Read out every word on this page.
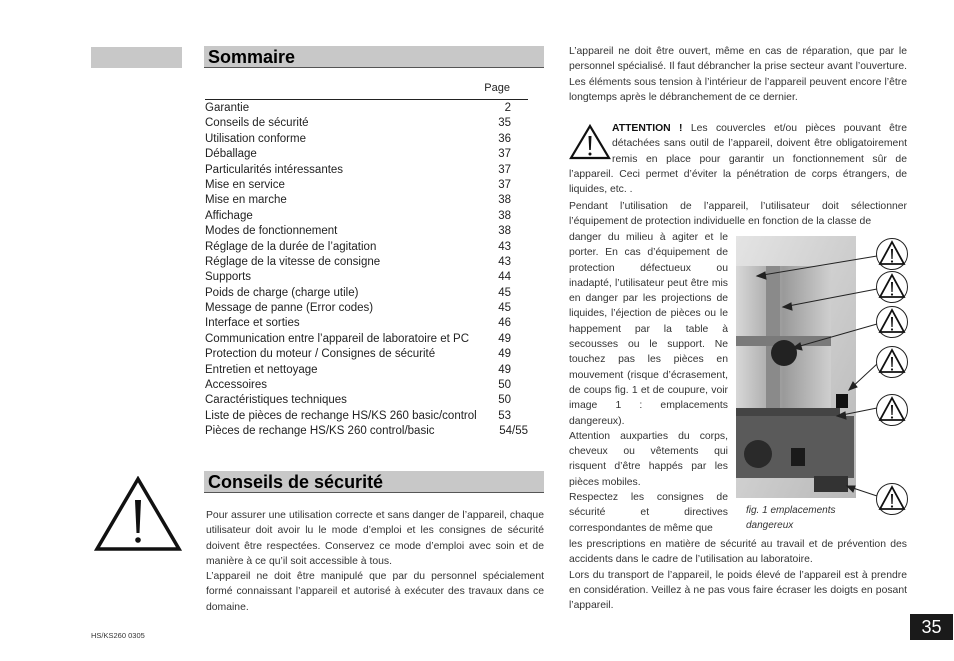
Sommaire
Page
Garantie	2
Conseils de sécurité	35
Utilisation conforme	36
Déballage	37
Particularités intéressantes	37
Mise en service	37
Mise en marche	38
Affichage	38
Modes de fonctionnement	38
Réglage de la durée de l’agitation	43
Réglage de la vitesse de consigne	43
Supports	44
Poids de charge (charge utile)	45
Message de panne (Error codes)	45
Interface et sorties	46
Communication entre l’appareil de laboratoire et PC	49
Protection du moteur / Consignes de sécurité	49
Entretien et nettoyage	49
Accessoires	50
Caractéristiques techniques	50
Liste de pièces de rechange HS/KS 260 basic/control 53
Pièces de rechange HS/KS 260 control/basic	54/55
Conseils de sécurité
Pour assurer une utilisation correcte et sans danger de l’appareil, chaque utilisateur doit avoir lu le mode d’emploi et les consignes de sécurité doivent être respectées. Conservez ce mode d’emploi avec soin et de manière à ce qu’il soit accessible à tous.
L’appareil ne doit être manipulé que par du personnel spécialement formé connaissant l’appareil et autorisé à exécuter des travaux dans ce domaine.
L’appareil ne doit être ouvert, même en cas de réparation, que par le personnel spécialisé. Il faut débrancher la prise secteur avant l’ouverture. Les éléments sous tension à l’intérieur de l’appareil peuvent encore l’être longtemps après le débranchement de ce dernier.
ATTENTION ! Les couvercles et/ou pièces pouvant être détachées sans outil de l’appareil, doivent être obligatoirement remis en place pour garantir un fonctionnement sûr de l’appareil. Ceci permet d’éviter la pénétration de corps étrangers, de liquides, etc. .
Pendant l’utilisation de l’appareil, l’utilisateur doit sélectionner l’équipement de protection individuelle en fonction de la classe de
danger du milieu à agiter et le porter. En cas d’équipement de protection défectueux ou inadapté, l’utilisateur peut être mis en danger par les projections de liquides, l’éjection de pièces ou le happement par la table à secousses ou le support. Ne touchez pas les pièces en mouvement (risque d’écrasement, de coups fig. 1 et de coupure, voir image 1 : emplacements dangereux).
Attention auxparties du corps, cheveux ou vêtements qui risquent d’être happés par les pièces mobiles.
Respectez les consignes de sécurité et directives correspondantes de même que
les prescriptions en matière de sécurité au travail et de prévention des accidents dans le cadre de l’utilisation au laboratoire.
Lors du transport de l’appareil, le poids élevé de l’appareil est à prendre en considération. Veillez à ne pas vous faire écraser les doigts en posant l’appareil.
fig. 1 emplacements dangereux
HS/KS260 0305	35
